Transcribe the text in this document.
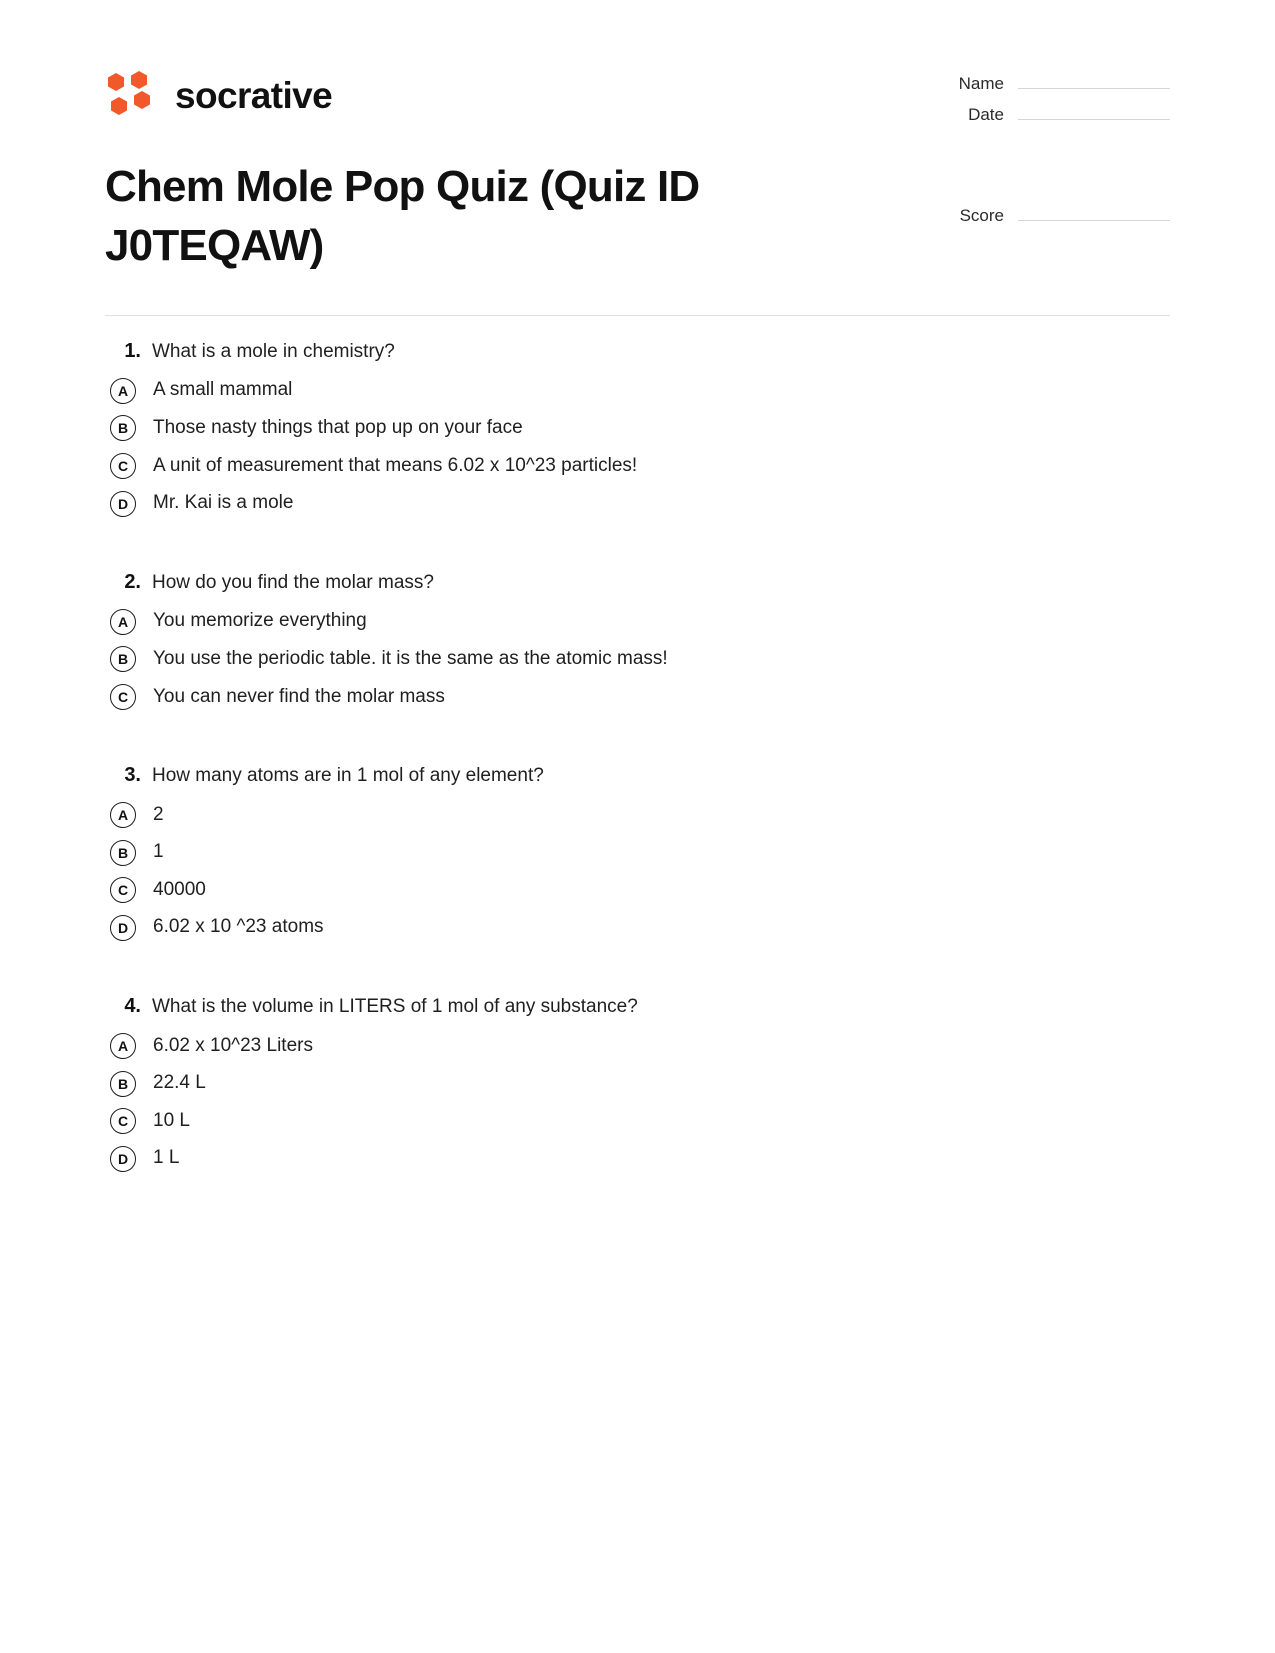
socrative	Name
Date
Chem Mole Pop Quiz (Quiz ID J0TEQAW)
Score
1. What is a mole in chemistry?
A	A small mammal
B	Those nasty things that pop up on your face
C	A unit of measurement that means 6.02 x 10^23 particles!
D	Mr. Kai is a mole
2. How do you find the molar mass?
A	You memorize everything
B	You use the periodic table. it is the same as the atomic mass!
C	You can never find the molar mass
3. How many atoms are in 1 mol of any element?
A	2
B	1
C	40000
D	6.02 x 10 ^23 atoms
4. What is the volume in LITERS of 1 mol of any substance?
A	6.02 x 10^23 Liters
B	22.4 L
C	10 L
D	1 L
